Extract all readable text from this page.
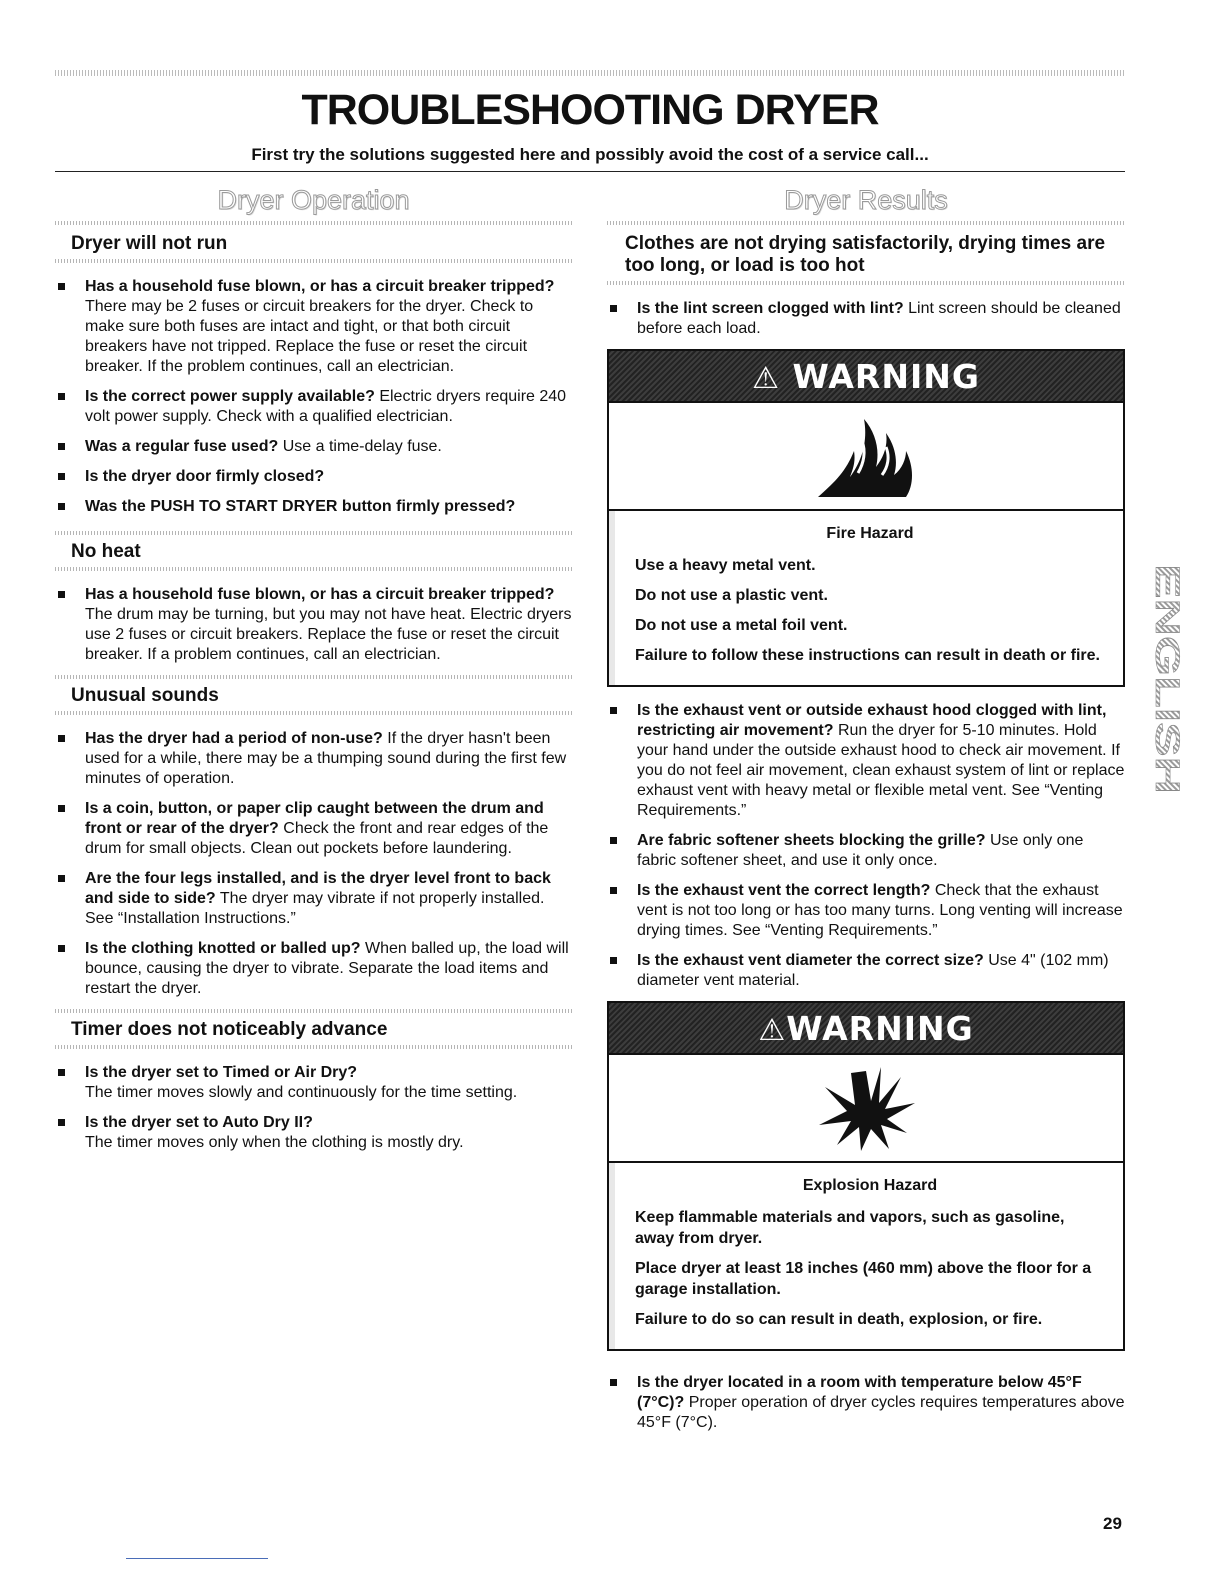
TROUBLESHOOTING DRYER
First try the solutions suggested here and possibly avoid the cost of a service call...
Dryer Operation
Dryer will not run
Has a household fuse blown, or has a circuit breaker tripped? There may be 2 fuses or circuit breakers for the dryer. Check to make sure both fuses are intact and tight, or that both circuit breakers have not tripped. Replace the fuse or reset the circuit breaker. If the problem continues, call an electrician.
Is the correct power supply available? Electric dryers require 240 volt power supply. Check with a qualified electrician.
Was a regular fuse used? Use a time-delay fuse.
Is the dryer door firmly closed?
Was the PUSH TO START DRYER button firmly pressed?
No heat
Has a household fuse blown, or has a circuit breaker tripped? The drum may be turning, but you may not have heat. Electric dryers use 2 fuses or circuit breakers. Replace the fuse or reset the circuit breaker. If a problem continues, call an electrician.
Unusual sounds
Has the dryer had a period of non-use? If the dryer hasn't been used for a while, there may be a thumping sound during the first few minutes of operation.
Is a coin, button, or paper clip caught between the drum and front or rear of the dryer? Check the front and rear edges of the drum for small objects. Clean out pockets before laundering.
Are the four legs installed, and is the dryer level front to back and side to side? The dryer may vibrate if not properly installed. See “Installation Instructions.”
Is the clothing knotted or balled up? When balled up, the load will bounce, causing the dryer to vibrate. Separate the load items and restart the dryer.
Timer does not noticeably advance
Is the dryer set to Timed or Air Dry?
The timer moves slowly and continuously for the time setting.
Is the dryer set to Auto Dry II?
The timer moves only when the clothing is mostly dry.
Dryer Results
Clothes are not drying satisfactorily, drying times are too long, or load is too hot
Is the lint screen clogged with lint? Lint screen should be cleaned before each load.
⚠ WARNING
Fire Hazard

Use a heavy metal vent.

Do not use a plastic vent.

Do not use a metal foil vent.

Failure to follow these instructions can result in death or fire.

Is the exhaust vent or outside exhaust hood clogged with lint, restricting air movement? Run the dryer for 5-10 minutes. Hold your hand under the outside exhaust hood to check air movement. If you do not feel air movement, clean exhaust system of lint or replace exhaust vent with heavy metal or flexible metal vent. See “Venting Requirements.”
Are fabric softener sheets blocking the grille? Use only one fabric softener sheet, and use it only once.
Is the exhaust vent the correct length? Check that the exhaust vent is not too long or has too many turns. Long venting will increase drying times. See “Venting Requirements.”
Is the exhaust vent diameter the correct size? Use 4" (102 mm) diameter vent material.
⚠WARNING
Explosion Hazard

Keep flammable materials and vapors, such as gasoline, away from dryer.

Place dryer at least 18 inches (460 mm) above the floor for a garage installation.

Failure to do so can result in death, explosion, or fire.

Is the dryer located in a room with temperature below 45°F (7°C)? Proper operation of dryer cycles requires temperatures above 45°F (7°C).
ENGLISH
29
